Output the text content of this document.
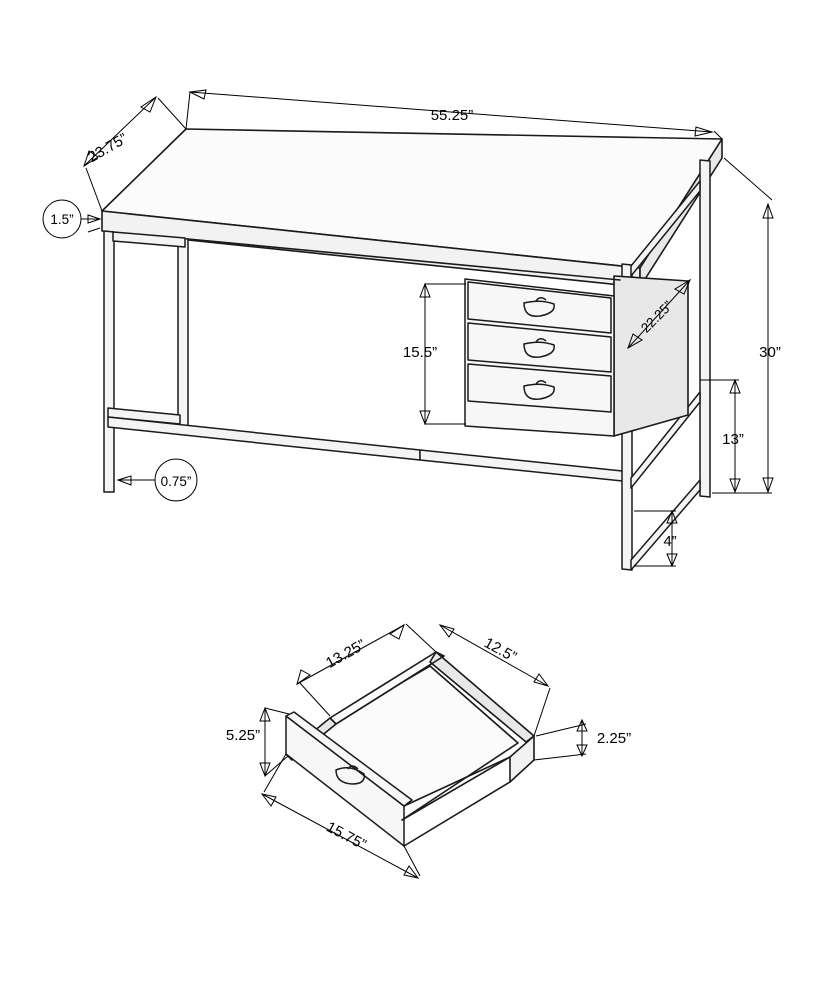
55.25”
23.75”
1.5”
0.75”
30”
13”
4”
15.5”
22.25”
13.25”	12.5”
5.25”	2.25”
15.75”
